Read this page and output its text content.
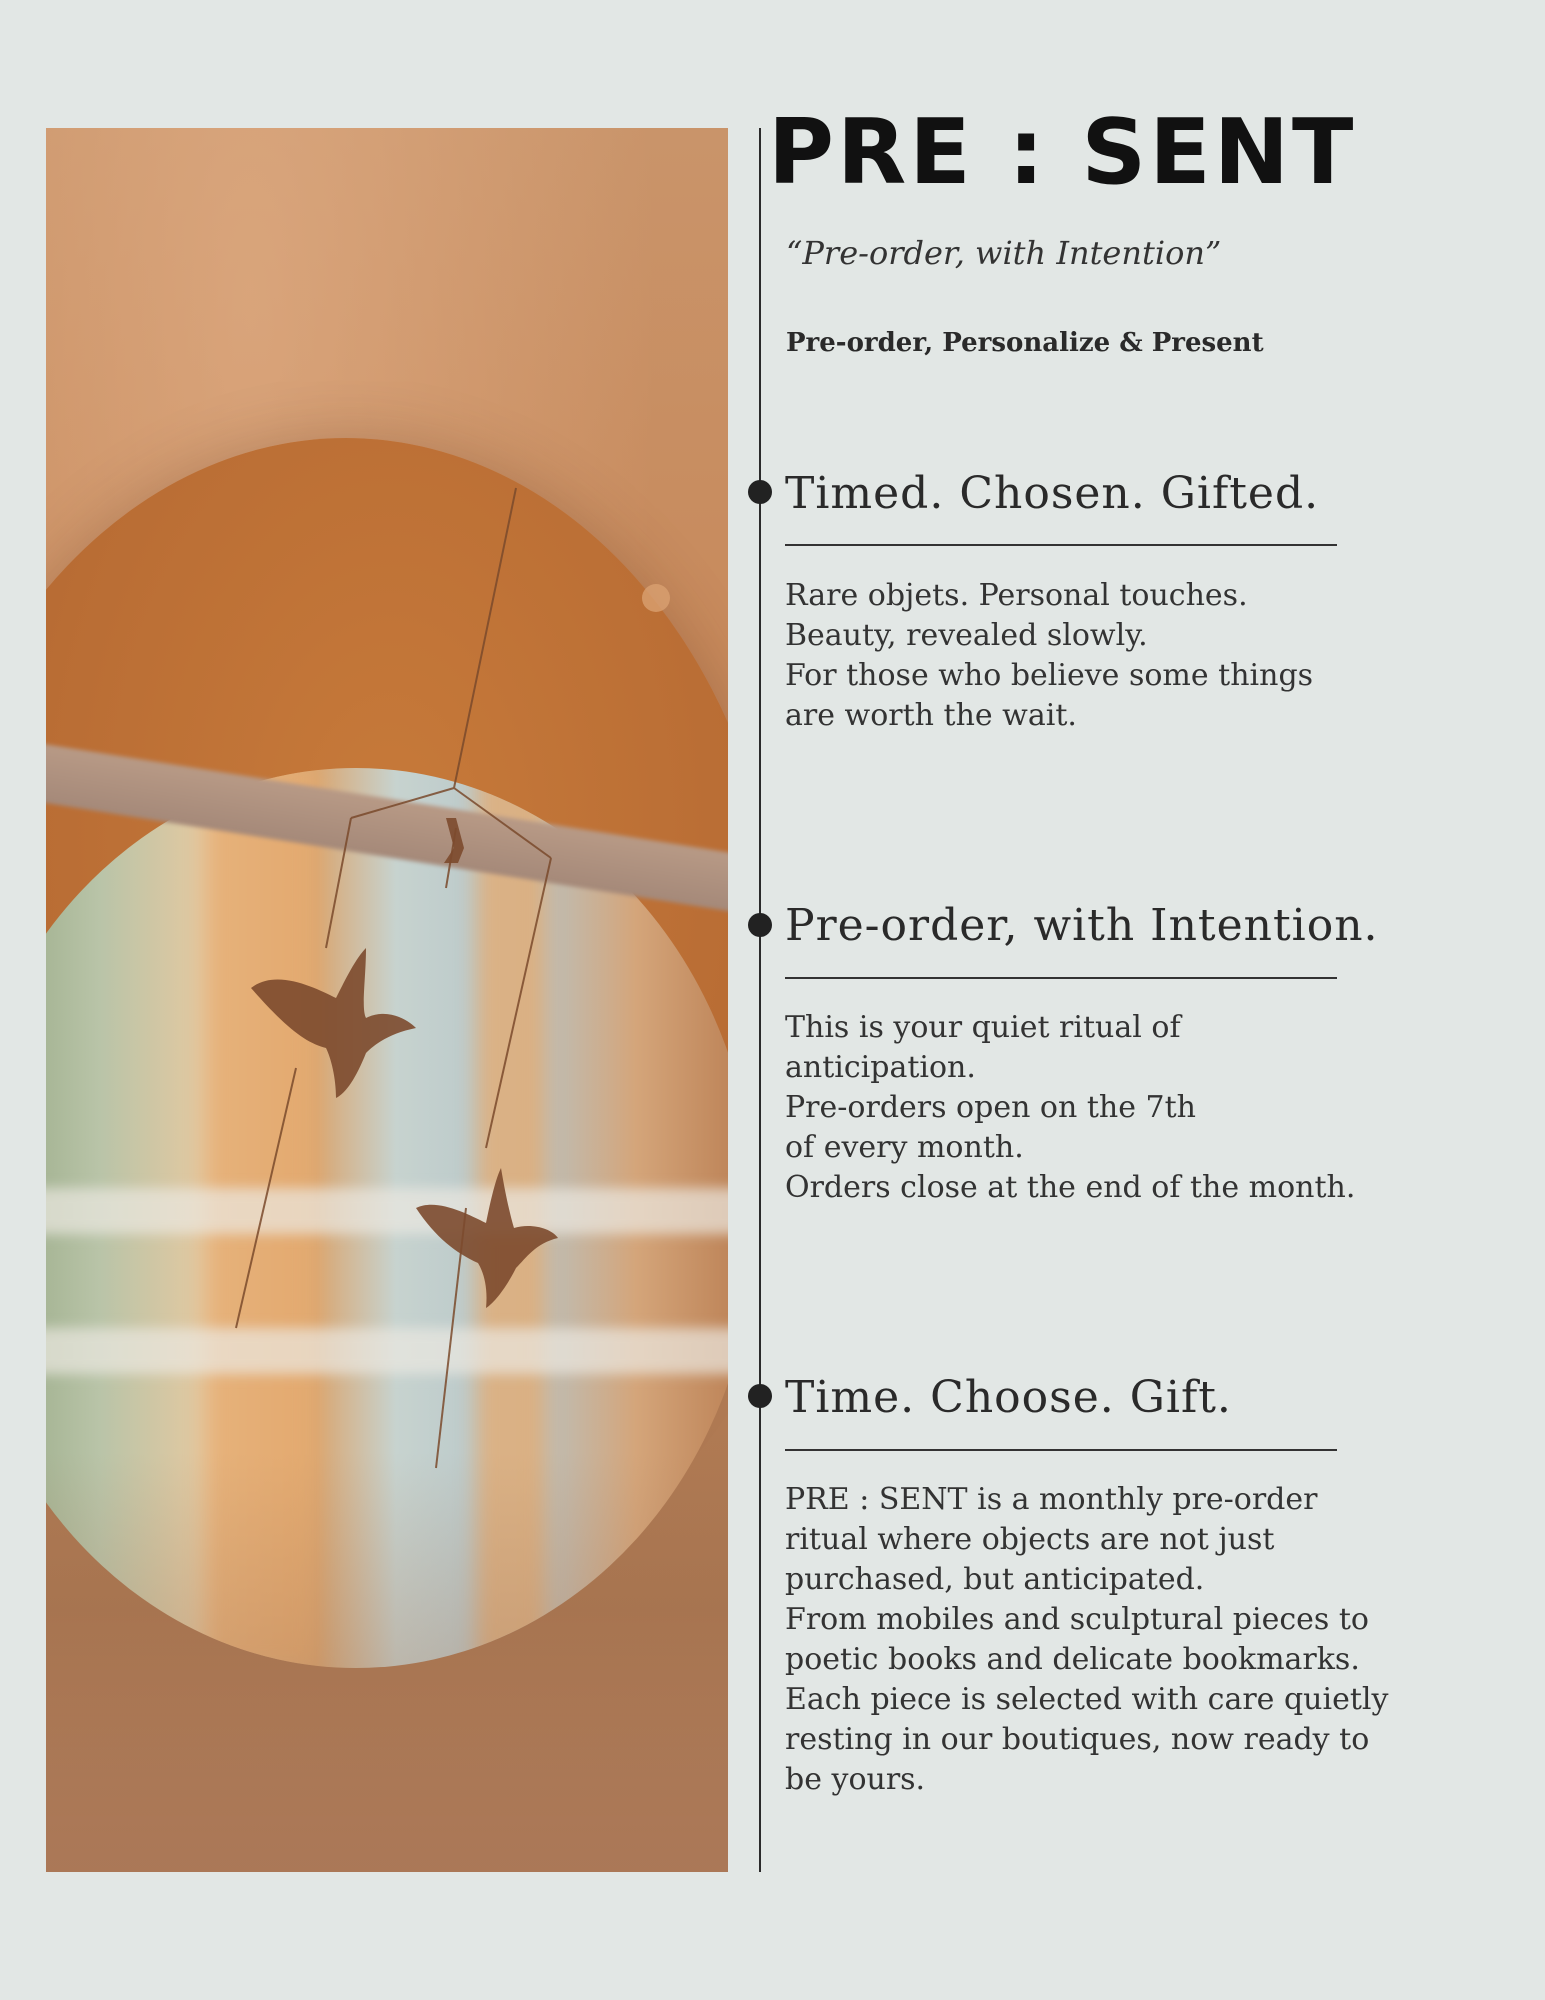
PRE : SENT

“Pre-order, with Intention”

Pre-order, Personalize & Present

Timed. Chosen. Gifted.
Rare objets. Personal touches.
Beauty, revealed slowly.
For those who believe some things
are worth the wait.
Pre-order, with Intention.
This is your quiet ritual of
anticipation.
Pre-orders open on the 7th
of every month.
Orders close at the end of the month.
Time. Choose. Gift.
PRE : SENT is a monthly pre-order
ritual where objects are not just
purchased, but anticipated.
From mobiles and sculptural pieces to
poetic books and delicate bookmarks.
Each piece is selected with care quietly
resting in our boutiques, now ready to
be yours.
